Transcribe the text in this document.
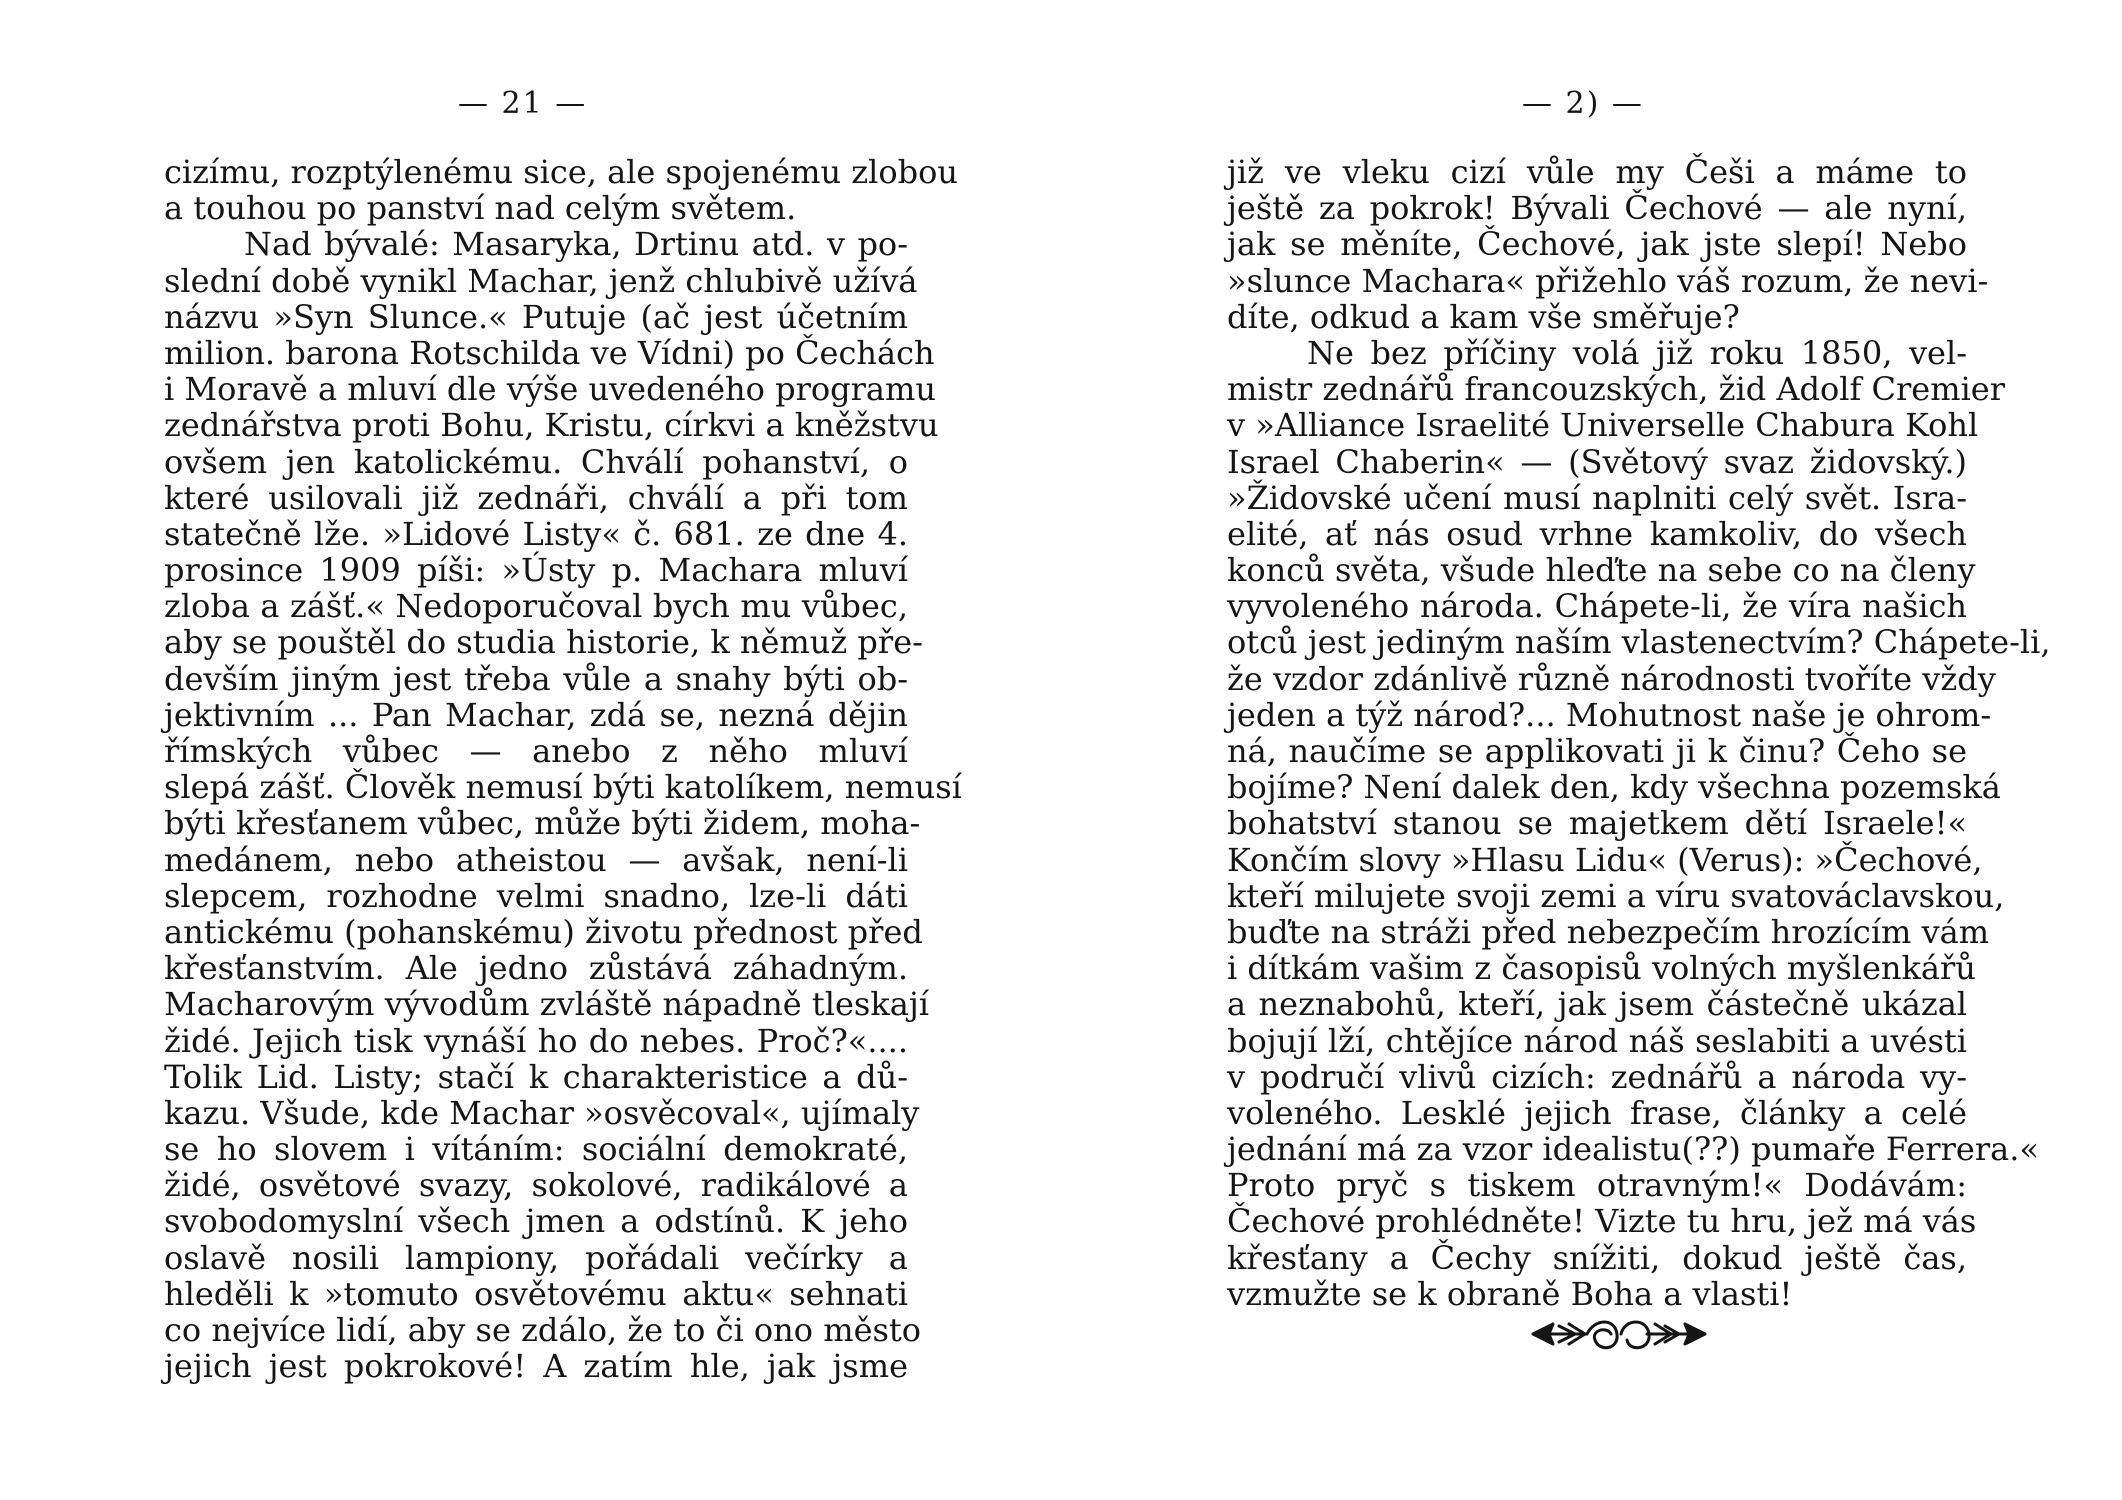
— 21 —
cizímu, rozptýlenému sice, ale spojenému zlobou
a touhou po panství nad celým světem.
Nad bývalé: Masaryka, Drtinu atd. v po-
slední době vynikl Machar, jenž chlubivě užívá
názvu »Syn Slunce.« Putuje (ač jest účetním
milion. barona Rotschilda ve Vídni) po Čechách
i Moravě a mluví dle výše uvedeného programu
zednářstva proti Bohu, Kristu, církvi a kněžstvu
ovšem jen katolickému. Chválí pohanství, o
které usilovali již zednáři, chválí a při tom
statečně lže. »Lidové Listy« č. 681. ze dne 4.
prosince 1909 píši: »Ústy p. Machara mluví
zloba a zášť.« Nedoporučoval bych mu vůbec,
aby se pouštěl do studia historie, k němuž pře-
devším jiným jest třeba vůle a snahy býti ob-
jektivním ... Pan Machar, zdá se, nezná dějin
římských vůbec — anebo z něho mluví
slepá zášť. Člověk nemusí býti katolíkem, nemusí
býti křesťanem vůbec, může býti židem, moha-
medánem, nebo atheistou — avšak, není-li
slepcem, rozhodne velmi snadno, lze-li dáti
antickému (pohanskému) životu přednost před
křesťanstvím. Ale jedno zůstává záhadným.
Macharovým vývodům zvláště nápadně tleskají
židé. Jejich tisk vynáší ho do nebes. Proč?«....
Tolik Lid. Listy; stačí k charakteristice a dů-
kazu. Všude, kde Machar »osvěcoval«, ujímaly
se ho slovem i vítáním: sociální demokraté,
židé, osvětové svazy, sokolové, radikálové a
svobodomyslní všech jmen a odstínů. K jeho
oslavě nosili lampiony, pořádali večírky a
hleděli k »tomuto osvětovému aktu« sehnati
co nejvíce lidí, aby se zdálo, že to či ono město
jejich jest pokrokové! A zatím hle, jak jsme
— 2) —
již ve vleku cizí vůle my Češi a máme to
ještě za pokrok! Bývali Čechové — ale nyní,
jak se měníte, Čechové, jak jste slepí! Nebo
»slunce Machara« přižehlo váš rozum, že nevi-
díte, odkud a kam vše směřuje?
Ne bez příčiny volá již roku 1850, vel-
mistr zednářů francouzských, žid Adolf Cremier
v »Alliance Israelité Universelle Chabura Kohl
Israel Chaberin« — (Světový svaz židovský.)
»Židovské učení musí naplniti celý svět. Isra-
elité, ať nás osud vrhne kamkoliv, do všech
konců světa, všude hleďte na sebe co na členy
vyvoleného národa. Chápete-li, že víra našich
otců jest jediným naším vlastenectvím? Chápete-li,
že vzdor zdánlivě různě národnosti tvoříte vždy
jeden a týž národ?... Mohutnost naše je ohrom-
ná, naučíme se applikovati ji k činu? Čeho se
bojíme? Není dalek den, kdy všechna pozemská
bohatství stanou se majetkem dětí Israele!«
Končím slovy »Hlasu Lidu« (Verus): »Čechové,
kteří milujete svoji zemi a víru svatováclavskou,
buďte na stráži před nebezpečím hrozícím vám
i dítkám vašim z časopisů volných myšlenkářů
a neznabohů, kteří, jak jsem částečně ukázal
bojují lží, chtějíce národ náš seslabiti a uvésti
v područí vlivů cizích: zednářů a národa vy-
voleného. Lesklé jejich frase, články a celé
jednání má za vzor idealistu(??) pumaře Ferrera.«
Proto pryč s tiskem otravným!« Dodávám:
Čechové prohlédněte! Vizte tu hru, jež má vás
křesťany a Čechy snížiti, dokud ještě čas,
vzmužte se k obraně Boha a vlasti!
